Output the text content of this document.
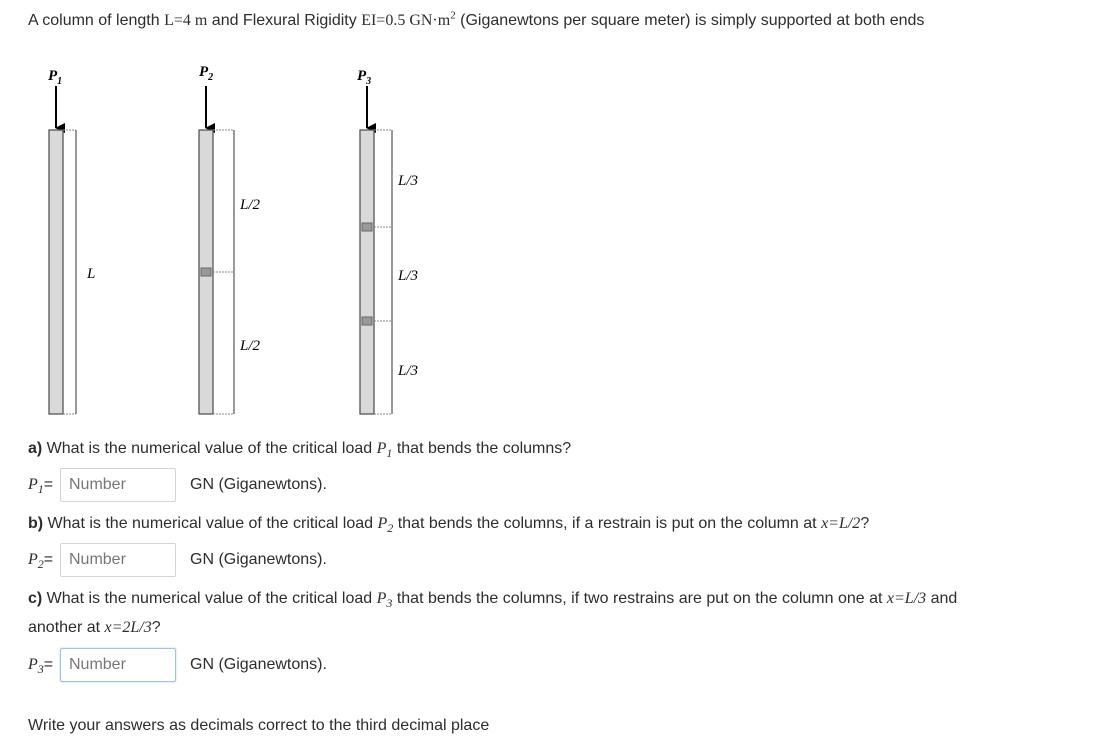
A column of length L=4 m and Flexural Rigidity EI=0.5 $GN\cdot m^2$ (Giganewtons per square meter) is simply supported at both ends
$P_1$
L
$P_2$
L/2
L/2
$P_3$
L/3
L/3
L/3
a) What is the numerical value of the critical load $P_1$ that bends the columns?
$P_1=$
Number	GN (Giganewtons).
b) What is the numerical value of the critical load $P_2$ that bends the columns, if a restrain is put on the column at x=L/2?
$P_2=$
Number	GN (Giganewtons).
c) What is the numerical value of the critical load $P_3$ that bends the columns, if two restrains are put on the column one at x=L/3 and
another at x=2L/3?
$P_3=$
Number	GN (Giganewtons).
Write your answers as decimals correct to the third decimal place
